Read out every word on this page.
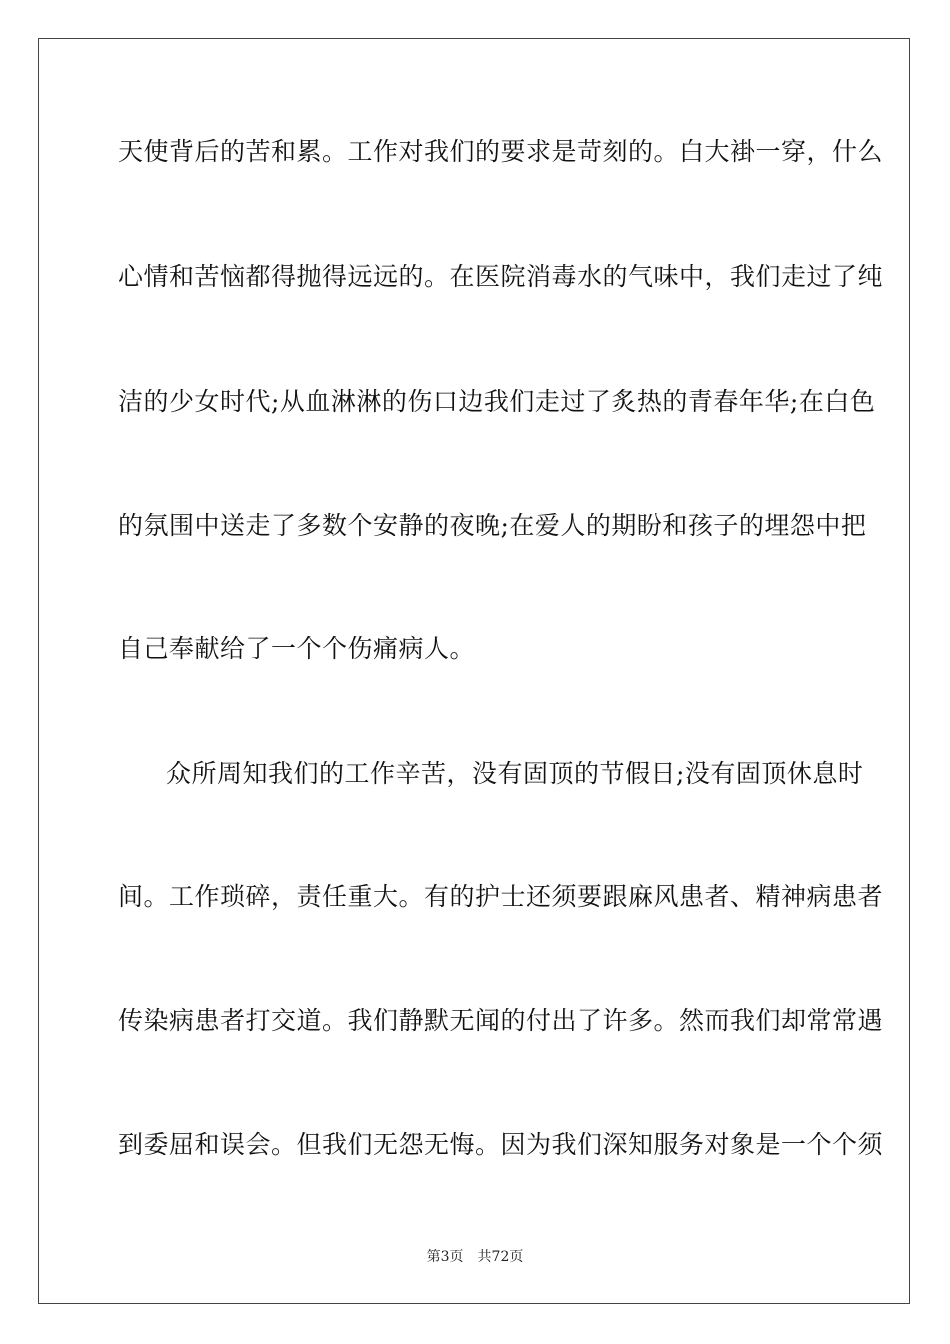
天使背后的苦和累。工作对我们的要求是苛刻的。白大褂一穿，什么
心情和苦恼都得抛得远远的。在医院消毒水的气味中，我们走过了纯
洁的少女时代;从血淋淋的伤口边我们走过了炙热的青春年华;在白色
的氛围中送走了多数个安静的夜晚;在爱人的期盼和孩子的埋怨中把
自己奉献给了一个个伤痛病人。
众所周知我们的工作辛苦，没有固顶的节假日;没有固顶休息时
间。工作琐碎，责任重大。有的护士还须要跟麻风患者、精神病患者
传染病患者打交道。我们静默无闻的付出了许多。然而我们却常常遇
到委屈和误会。但我们无怨无悔。因为我们深知服务对象是一个个须
第3页 共72页
